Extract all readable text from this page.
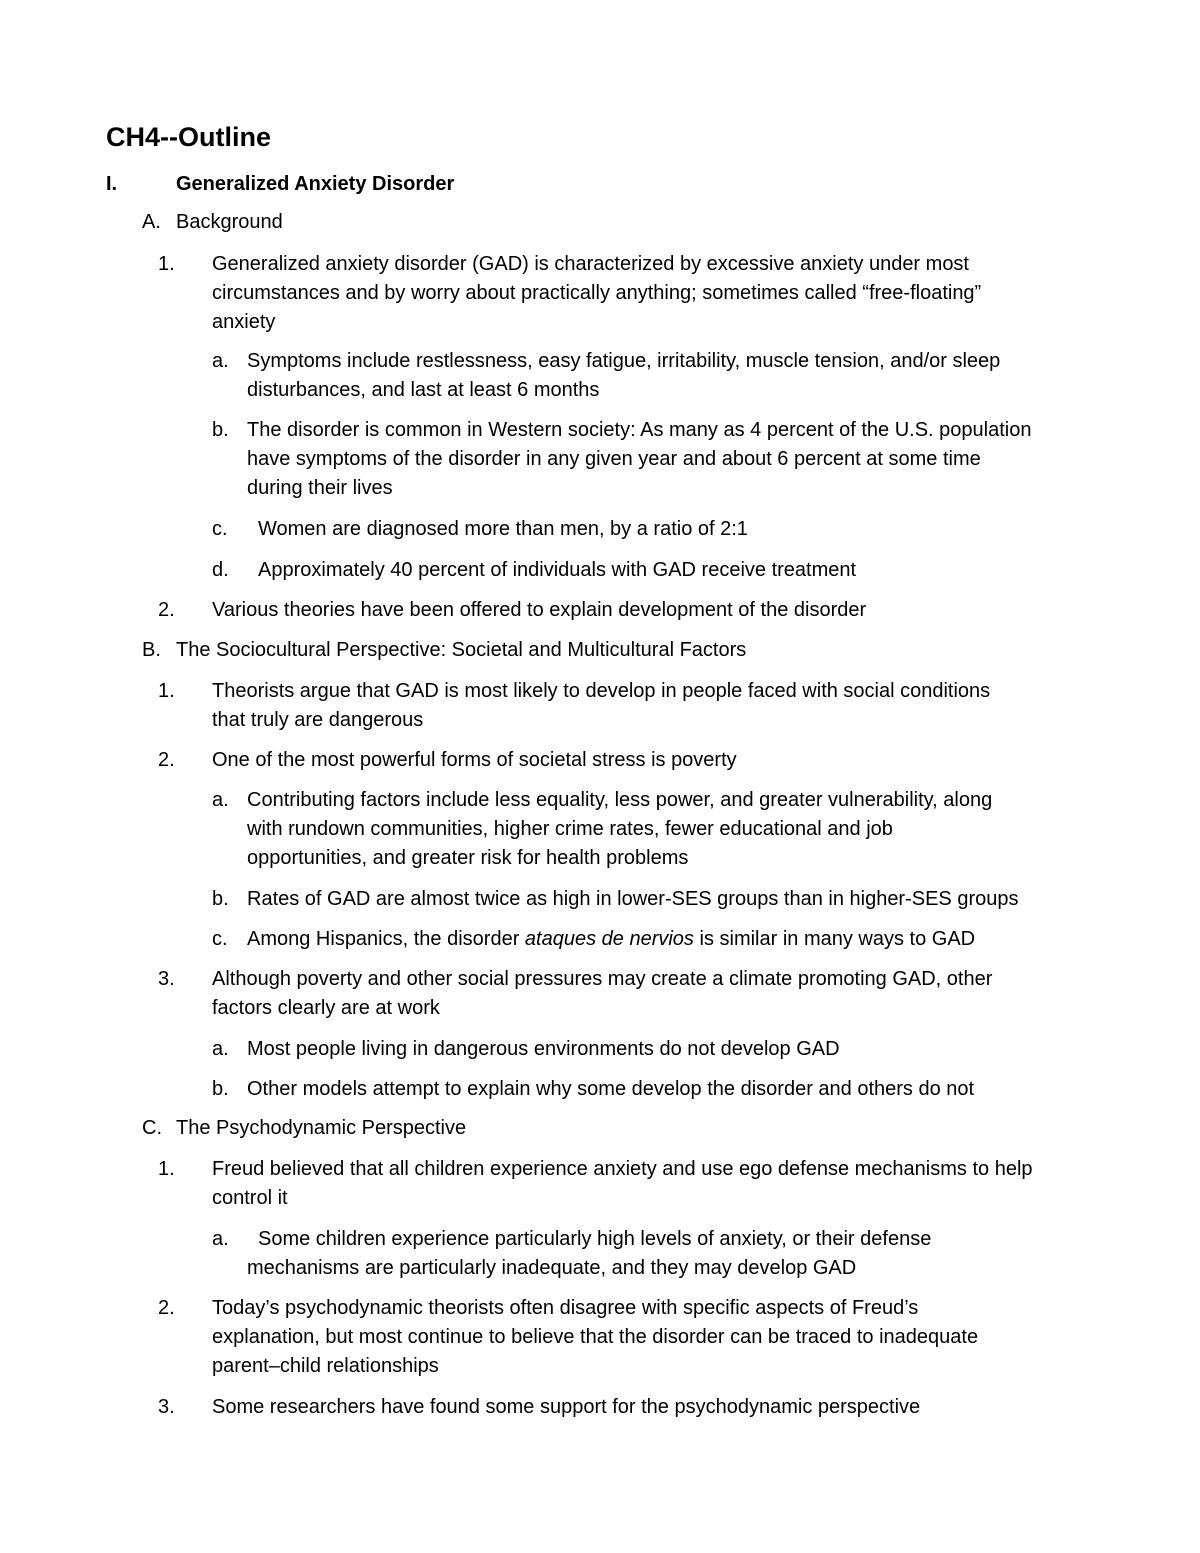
CH4--Outline
I.	Generalized Anxiety Disorder
A. Background
1. Generalized anxiety disorder (GAD) is characterized by excessive anxiety under most
circumstances and by worry about practically anything; sometimes called “free-floating”
anxiety
a. Symptoms include restlessness, easy fatigue, irritability, muscle tension, and/or sleep
disturbances, and last at least 6 months
b. The disorder is common in Western society: As many as 4 percent of the U.S. population
have symptoms of the disorder in any given year and about 6 percent at some time
during their lives
c. Women are diagnosed more than men, by a ratio of 2:1
d. Approximately 40 percent of individuals with GAD receive treatment
2. Various theories have been offered to explain development of the disorder
B. The Sociocultural Perspective: Societal and Multicultural Factors
1. Theorists argue that GAD is most likely to develop in people faced with social conditions
that truly are dangerous
2. One of the most powerful forms of societal stress is poverty
a. Contributing factors include less equality, less power, and greater vulnerability, along
with rundown communities, higher crime rates, fewer educational and job
opportunities, and greater risk for health problems
b. Rates of GAD are almost twice as high in lower-SES groups than in higher-SES groups
c. Among Hispanics, the disorder ataques de nervios is similar in many ways to GAD
3. Although poverty and other social pressures may create a climate promoting GAD, other
factors clearly are at work
a. Most people living in dangerous environments do not develop GAD
b. Other models attempt to explain why some develop the disorder and others do not
C. The Psychodynamic Perspective
1. Freud believed that all children experience anxiety and use ego defense mechanisms to help
control it
a. Some children experience particularly high levels of anxiety, or their defense
mechanisms are particularly inadequate, and they may develop GAD
2. Today’s psychodynamic theorists often disagree with specific aspects of Freud’s
explanation, but most continue to believe that the disorder can be traced to inadequate
parent–child relationships
3. Some researchers have found some support for the psychodynamic perspective
